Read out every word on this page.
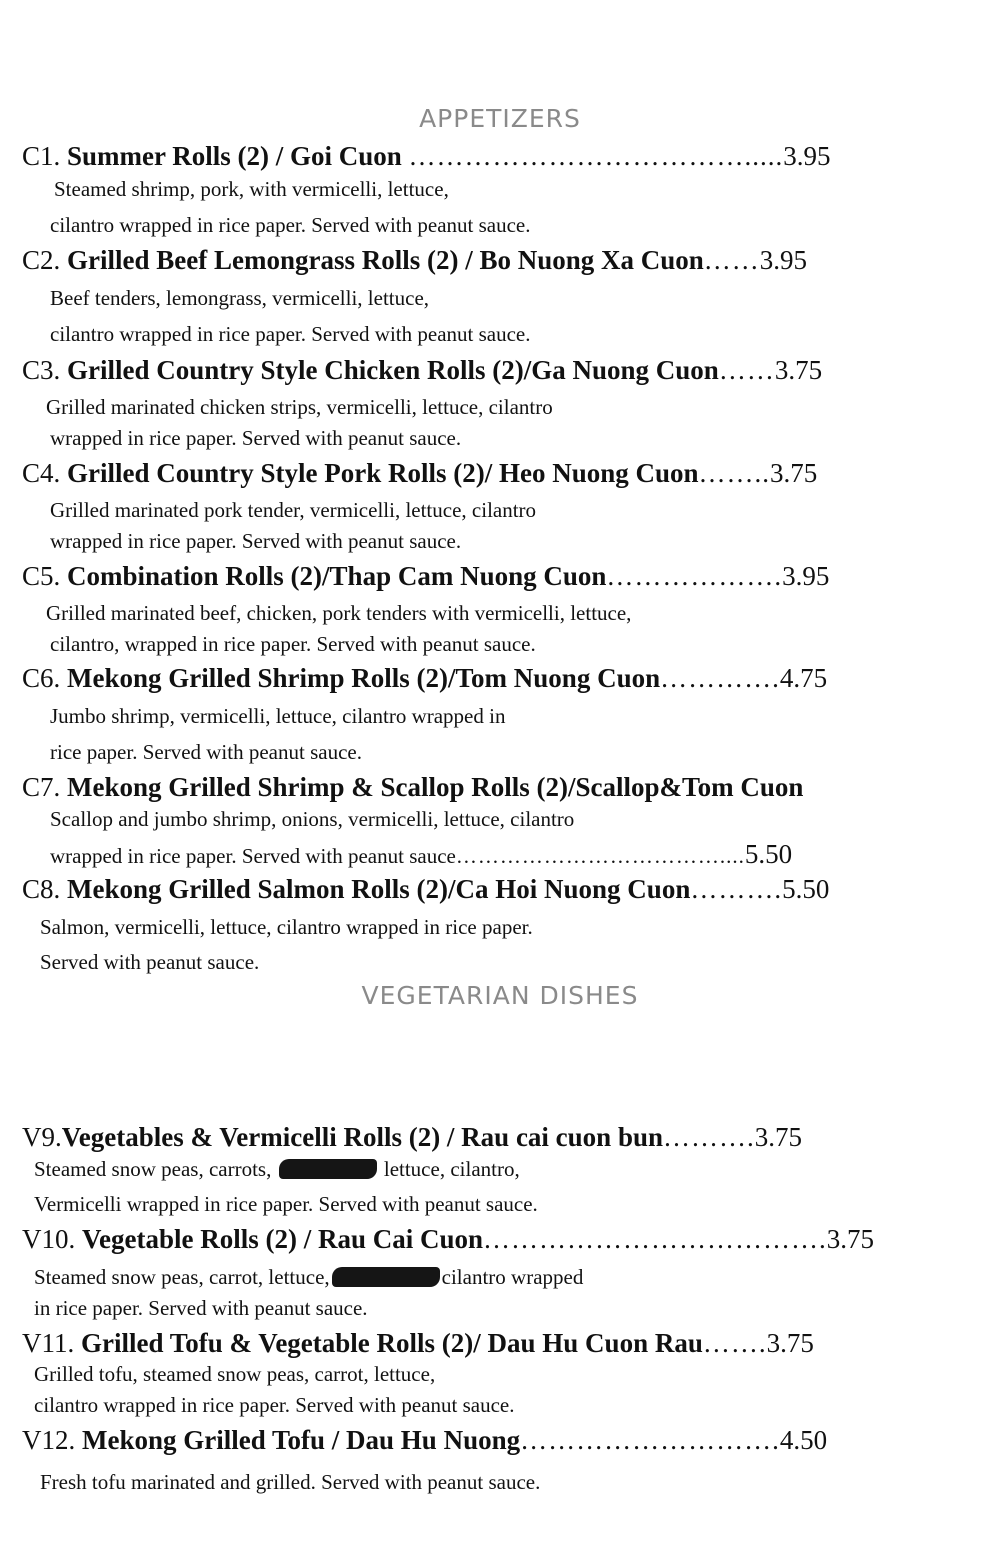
APPETIZERS
C1. Summer Rolls (2) / Goi Cuon ……………………………….....3.95
Steamed shrimp, pork, with vermicelli, lettuce,
cilantro wrapped in rice paper. Served with peanut sauce.
C2. Grilled Beef Lemongrass Rolls (2) / Bo Nuong Xa Cuon……3.95
Beef tenders, lemongrass, vermicelli, lettuce,
cilantro wrapped in rice paper. Served with peanut sauce.
C3. Grilled Country Style Chicken Rolls (2)/Ga Nuong Cuon……3.75
Grilled marinated chicken strips, vermicelli, lettuce, cilantro
wrapped in rice paper. Served with peanut sauce.
C4. Grilled Country Style Pork Rolls (2)/ Heo Nuong Cuon……..3.75
Grilled marinated pork tender, vermicelli, lettuce, cilantro
wrapped in rice paper. Served with peanut sauce.
C5. Combination Rolls (2)/Thap Cam Nuong Cuon……………….3.95
Grilled marinated beef, chicken, pork tenders with vermicelli, lettuce,
cilantro, wrapped in rice paper. Served with peanut sauce.
C6. Mekong Grilled Shrimp Rolls (2)/Tom Nuong Cuon………….4.75
Jumbo shrimp, vermicelli, lettuce, cilantro wrapped in
rice paper. Served with peanut sauce.
C7. Mekong Grilled Shrimp & Scallop Rolls (2)/Scallop&Tom Cuon
Scallop and jumbo shrimp, onions, vermicelli, lettuce, cilantro
wrapped in rice paper. Served with peanut sauce………………………………....5.50
C8. Mekong Grilled Salmon Rolls (2)/Ca Hoi Nuong Cuon……….5.50
Salmon, vermicelli, lettuce, cilantro wrapped in rice paper.
Served with peanut sauce.
VEGETARIAN DISHES
V9.Vegetables & Vermicelli Rolls (2) / Rau cai cuon bun……….3.75
Steamed snow peas, carrots,	lettuce, cilantro,
Vermicelli wrapped in rice paper. Served with peanut sauce.
V10. Vegetable Rolls (2) / Rau Cai Cuon……………………………….3.75
Steamed snow peas, carrot, lettuce,	cilantro wrapped
in rice paper. Served with peanut sauce.
V11. Grilled Tofu & Vegetable Rolls (2)/ Dau Hu Cuon Rau…….3.75
Grilled tofu, steamed snow peas, carrot, lettuce,
cilantro wrapped in rice paper. Served with peanut sauce.
V12. Mekong Grilled Tofu / Dau Hu Nuong……………………….4.50
Fresh tofu marinated and grilled. Served with peanut sauce.
